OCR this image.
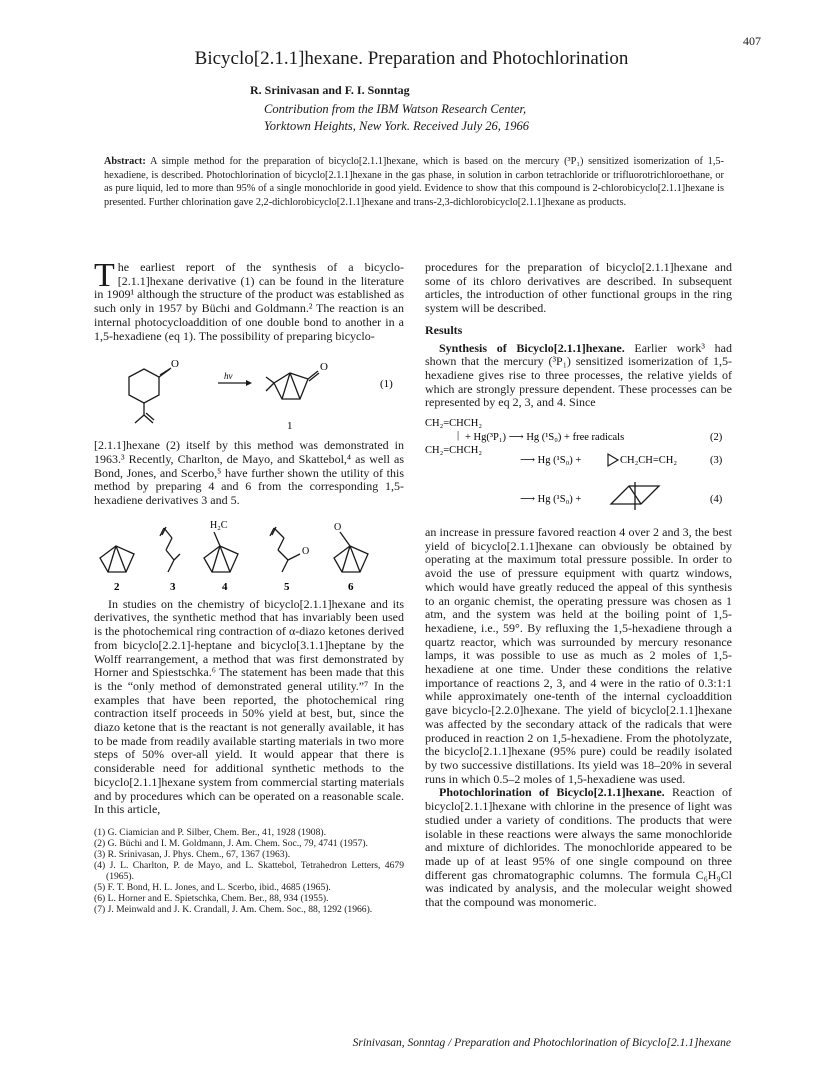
407
Bicyclo[2.1.1]hexane. Preparation and Photochlorination
R. Srinivasan and F. I. Sonntag
Contribution from the IBM Watson Research Center,
Yorktown Heights, New York. Received July 26, 1966
Abstract: A simple method for the preparation of bicyclo[2.1.1]hexane, which is based on the mercury (³P₁) sensitized isomerization of 1,5-hexadiene, is described. Photochlorination of bicyclo[2.1.1]hexane in the gas phase, in solution in carbon tetrachloride or trifluorotrichloroethane, or as pure liquid, led to more than 95% of a single monochloride in good yield. Evidence to show that this compound is 2-chlorobicyclo[2.1.1]hexane is presented. Further chlorination gave 2,2-dichlorobicyclo[2.1.1]hexane and trans-2,3-dichlorobicyclo[2.1.1]hexane as products.

The earliest report of the synthesis of a bicyclo-[2.1.1]hexane derivative (1) can be found in the literature in 1909¹ although the structure of the product was established as such only in 1957 by Büchi and Goldmann.² The reaction is an internal photocycloaddition of one double bond to another in a 1,5-hexadiene (eq 1). The possibility of preparing bicyclo-

O
hν
O
1
(1)

[2.1.1]hexane (2) itself by this method was demonstrated in 1963.³ Recently, Charlton, de Mayo, and Skattebol,⁴ as well as Bond, Jones, and Scerbo,⁵ have further shown the utility of this method by preparing 4 and 6 from the corresponding 1,5-hexadiene derivatives 3 and 5.

H₂C
O
O
2	3	4	5	6

In studies on the chemistry of bicyclo[2.1.1]hexane and its derivatives, the synthetic method that has invariably been used is the photochemical ring contraction of α-diazo ketones derived from bicyclo[2.2.1]-heptane and bicyclo[3.1.1]heptane by the Wolff rearrangement, a method that was first demonstrated by Horner and Spiestschka.⁶ The statement has been made that this is the “only method of demonstrated general utility.”⁷ In the examples that have been reported, the photochemical ring contraction itself proceeds in 50% yield at best, but, since the diazo ketone that is the reactant is not generally available, it has to be made from readily available starting materials in two more steps of 50% over-all yield. It would appear that there is considerable need for additional synthetic methods to the bicyclo[2.1.1]hexane system from commercial starting materials and by procedures which can be operated on a reasonable scale. In this article,

(1) G. Ciamician and P. Silber, Chem. Ber., 41, 1928 (1908).

(2) G. Büchi and I. M. Goldmann, J. Am. Chem. Soc., 79, 4741 (1957).

(3) R. Srinivasan, J. Phys. Chem., 67, 1367 (1963).

(4) J. L. Charlton, P. de Mayo, and L. Skattebol, Tetrahedron Letters, 4679 (1965).

(5) F. T. Bond, H. L. Jones, and L. Scerbo, ibid., 4685 (1965).

(6) L. Horner and E. Spietschka, Chem. Ber., 88, 934 (1955).

(7) J. Meinwald and J. K. Crandall, J. Am. Chem. Soc., 88, 1292 (1966).

procedures for the preparation of bicyclo[2.1.1]hexane and some of its chloro derivatives are described. In subsequent articles, the introduction of other functional groups in the ring system will be described.

Results

Synthesis of Bicyclo[2.1.1]hexane. Earlier work³ had shown that the mercury (³P₁) sensitized isomerization of 1,5-hexadiene gives rise to three processes, the relative yields of which are strongly pressure dependent. These processes can be represented by eq 2, 3, and 4. Since

CH₂=CHCH₂
| + Hg(³P₁) ⟶ Hg (¹S₀) + free radicals
CH₂=CHCH₂
(2)
⟶ Hg (¹S₀) +	CH₂CH=CH₂	(3)
⟶ Hg (¹S₀) +	(4)

an increase in pressure favored reaction 4 over 2 and 3, the best yield of bicyclo[2.1.1]hexane can obviously be obtained by operating at the maximum total pressure possible. In order to avoid the use of pressure equipment with quartz windows, which would have greatly reduced the appeal of this synthesis to an organic chemist, the operating pressure was chosen as 1 atm, and the system was held at the boiling point of 1,5-hexadiene, i.e., 59°. By refluxing the 1,5-hexadiene through a quartz reactor, which was surrounded by mercury resonance lamps, it was possible to use as much as 2 moles of 1,5-hexadiene at one time. Under these conditions the relative importance of reactions 2, 3, and 4 were in the ratio of 0.3:1:1 while approximately one-tenth of the internal cycloaddition gave bicyclo-[2.2.0]hexane. The yield of bicyclo[2.1.1]hexane was affected by the secondary attack of the radicals that were produced in reaction 2 on 1,5-hexadiene. From the photolyzate, the bicyclo[2.1.1]hexane (95% pure) could be readily isolated by two successive distillations. Its yield was 18–20% in several runs in which 0.5–2 moles of 1,5-hexadiene was used.

Photochlorination of Bicyclo[2.1.1]hexane. Reaction of bicyclo[2.1.1]hexane with chlorine in the presence of light was studied under a variety of conditions. The products that were isolable in these reactions were always the same monochloride and mixture of dichlorides. The monochloride appeared to be made up of at least 95% of one single compound on three different gas chromatographic columns. The formula C₆H₉Cl was indicated by analysis, and the molecular weight showed that the compound was monomeric.

Srinivasan, Sonntag / Preparation and Photochlorination of Bicyclo[2.1.1]hexane
